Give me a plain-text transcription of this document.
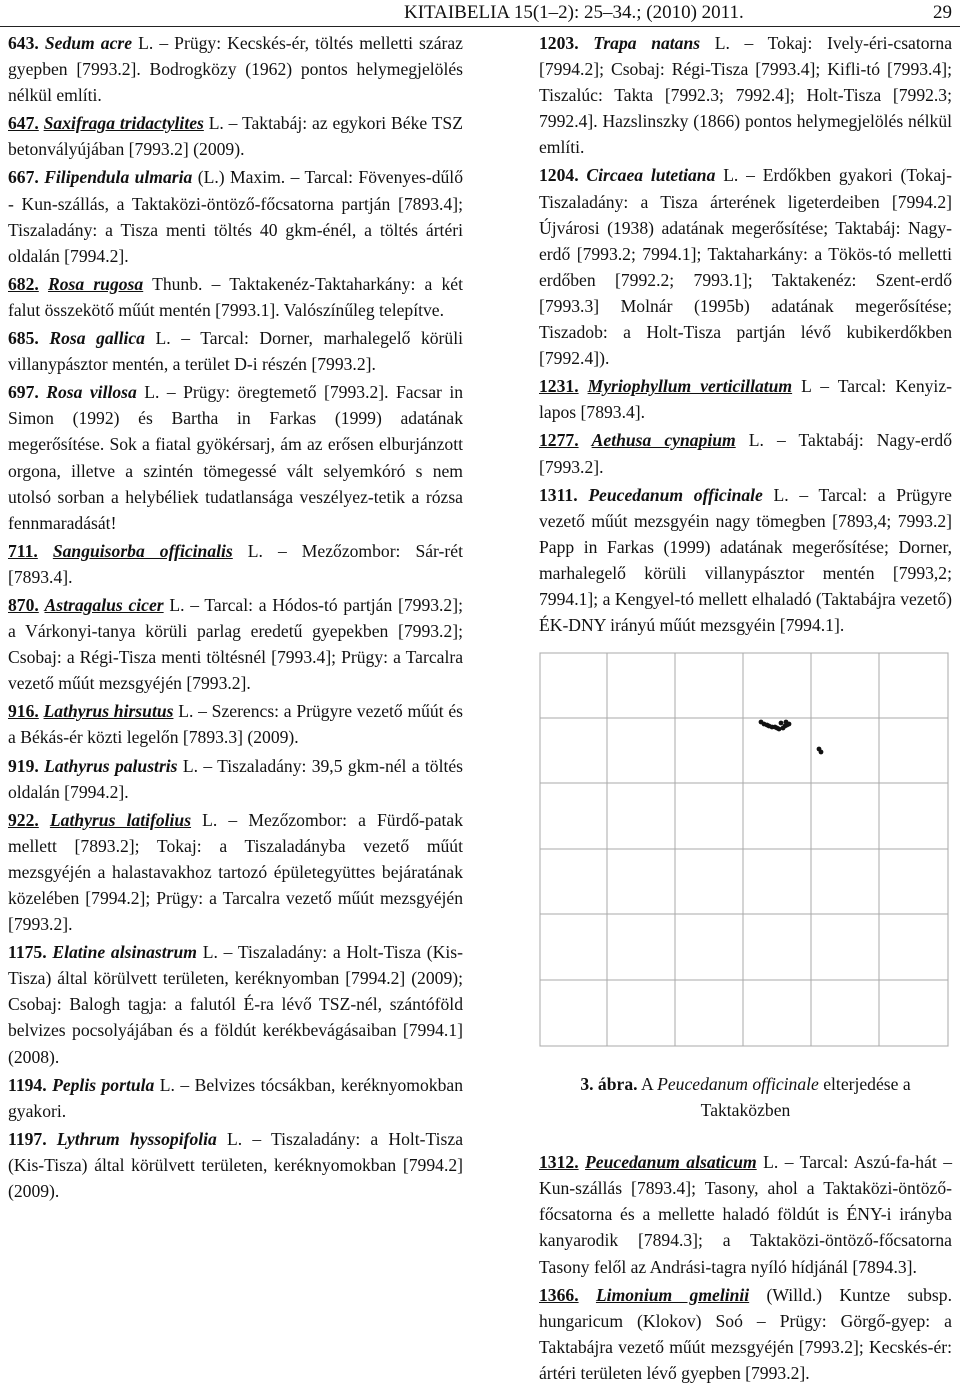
KITAIBELIA 15(1–2): 25–34.; (2010) 2011.	29

643. Sedum acre L. – Prügy: Kecskés-ér, töltés melletti száraz gyepben [7993.2]. Bodrogközy (1962) pontos helymegjelölés nélkül említi.

647. Saxifraga tridactylites L. – Taktabáj: az egykori Béke TSZ betonvályújában [7993.2] (2009).

667. Filipendula ulmaria (L.) Maxim. – Tarcal: Fövenyes-dűlő - Kun-szállás, a Taktaközi-öntöző-főcsatorna partján [7893.4]; Tiszaladány: a Tisza menti töltés 40 gkm-énél, a töltés ártéri oldalán [7994.2].

682. Rosa rugosa Thunb. – Taktakenéz-Taktaharkány: a két falut összekötő műút mentén [7993.1]. Valószínűleg telepítve.

685. Rosa gallica L. – Tarcal: Dorner, marhalegelő körüli villanypásztor mentén, a terület D-i részén [7993.2].

697. Rosa villosa L. – Prügy: öregtemető [7993.2]. Facsar in Simon (1992) és Bartha in Farkas (1999) adatának megerősítése. Sok a fiatal gyökérsarj, ám az erősen elburjánzott orgona, illetve a szintén tömegessé vált selyemkóró s nem utolsó sorban a helybéliek tudatlansága veszélyez-tetik a rózsa fennmaradását!

711. Sanguisorba officinalis L. – Mezőzombor: Sár-rét [7893.4].

870. Astragalus cicer L. – Tarcal: a Hódos-tó partján [7993.2]; a Várkonyi-tanya körüli parlag eredetű gyepekben [7993.2]; Csobaj: a Régi-Tisza menti töltésnél [7993.4]; Prügy: a Tarcalra vezető műút mezsgyéjén [7993.2].

916. Lathyrus hirsutus L. – Szerencs: a Prügyre vezető műút és a Békás-ér közti legelőn [7893.3] (2009).

919. Lathyrus palustris L. – Tiszaladány: 39,5 gkm-nél a töltés oldalán [7994.2].

922. Lathyrus latifolius L. – Mezőzombor: a Fürdő-patak mellett [7893.2]; Tokaj: a Tiszaladányba vezető műút mezsgyéjén a halastavakhoz tartozó épületegyüttes bejáratának közelében [7994.2]; Prügy: a Tarcalra vezető műút mezsgyéjén [7993.2].

1175. Elatine alsinastrum L. – Tiszaladány: a Holt-Tisza (Kis-Tisza) által körülvett területen, keréknyomban [7994.2] (2009); Csobaj: Balogh tagja: a falutól É-ra lévő TSZ-nél, szántóföld belvizes pocsolyájában és a földút kerékbevágásaiban [7994.1] (2008).

1194. Peplis portula L. – Belvizes tócsákban, keréknyomokban gyakori.

1197. Lythrum hyssopifolia L. – Tiszaladány: a Holt-Tisza (Kis-Tisza) által körülvett területen, keréknyomokban [7994.2] (2009).

1203. Trapa natans L. – Tokaj: Ively-éri-csatorna [7994.2]; Csobaj: Régi-Tisza [7993.4]; Kifli-tó [7993.4]; Tiszalúc: Takta [7992.3; 7992.4]; Holt-Tisza [7992.3; 7992.4]. Hazslinszky (1866) pontos helymegjelölés nélkül említi.

1204. Circaea lutetiana L. – Erdőkben gyakori (Tokaj-Tiszaladány: a Tisza árterének ligeterdeiben [7994.2] Újvárosi (1938) adatának megerősítése; Taktabáj: Nagy-erdő [7993.2; 7994.1]; Taktaharkány: a Tökös-tó melletti erdőben [7992.2; 7993.1]; Taktakenéz: Szent-erdő [7993.3] Molnár (1995b) adatának megerősítése; Tiszadob: a Holt-Tisza partján lévő kubikerdőkben [7992.4]).

1231. Myriophyllum verticillatum L – Tarcal: Kenyiz-lapos [7893.4].

1277. Aethusa cynapium L. – Taktabáj: Nagy-erdő [7993.2].

1311. Peucedanum officinale L. – Tarcal: a Prügyre vezető műút mezsgyéin nagy tömegben [7893,4; 7993.2] Papp in Farkas (1999) adatának megerősítése; Dorner, marhalegelő körüli villanypásztor mentén [7993,2; 7994.1]; a Kengyel-tó mellett elhaladó (Taktabájra vezető) ÉK-DNY irányú műút mezsgyéin [7994.1].

3. ábra. A Peucedanum officinale elterjedése a Taktaközben

1312. Peucedanum alsaticum L. – Tarcal: Aszú-fa-hát – Kun-szállás [7893.4]; Tasony, ahol a Taktaközi-öntöző-főcsatorna és a mellette haladó földút is ÉNY-i irányba kanyarodik [7894.3]; a Taktaközi-öntöző-főcsatorna Tasony felől az Andrási-tagra nyíló hídjánál [7894.3].

1366. Limonium gmelinii (Willd.) Kuntze subsp. hungaricum (Klokov) Soó – Prügy: Görgő-gyep: a Taktabájra vezető műút mezsgyéjén [7993.2]; Kecskés-ér: ártéri területen lévő gyepben [7993.2].
